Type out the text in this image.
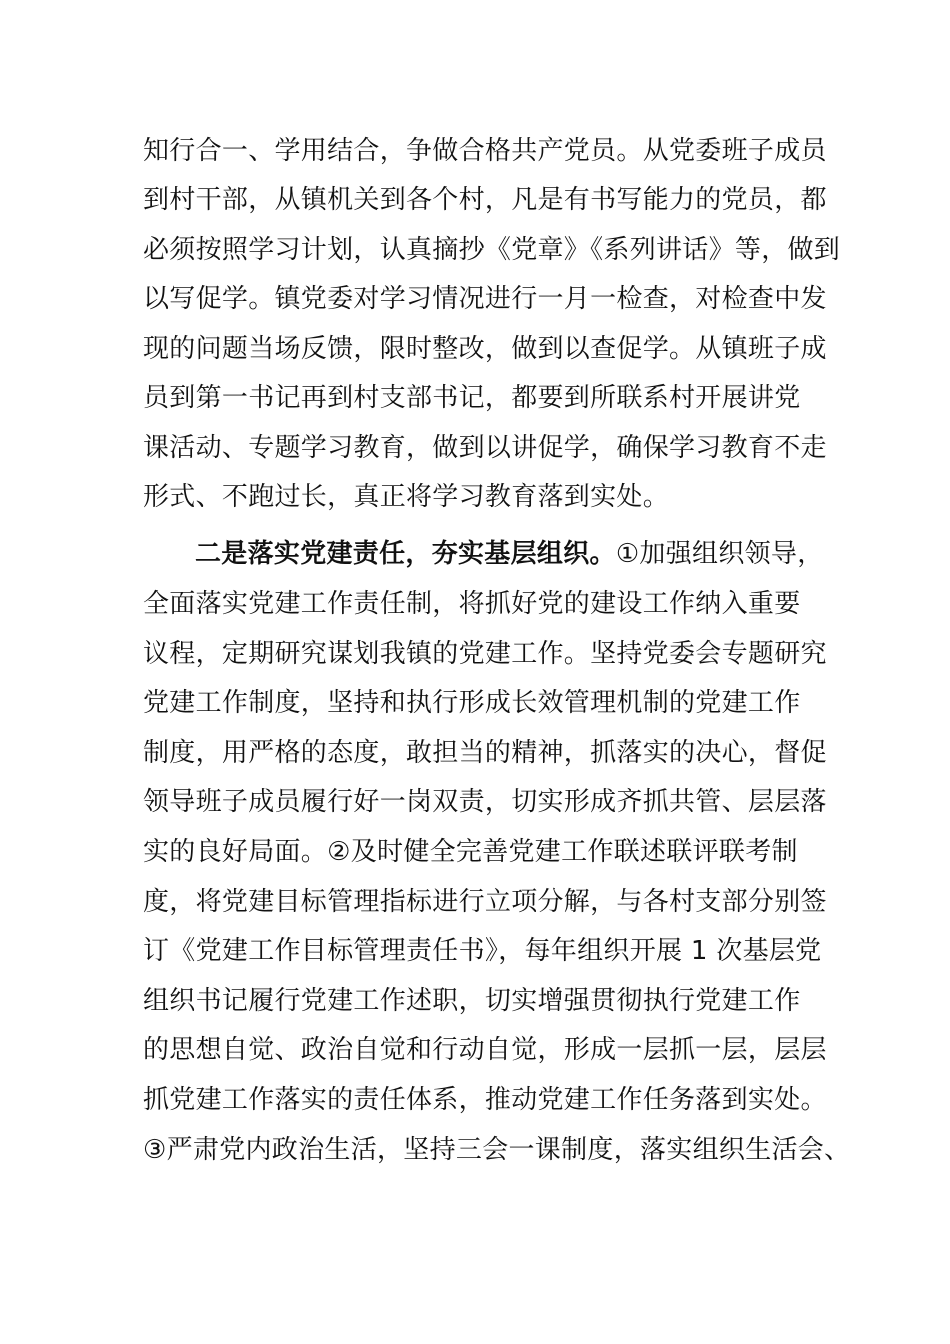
知行合一、学用结合，争做合格共产党员。从党委班子成员
到村干部，从镇机关到各个村，凡是有书写能力的党员，都
必须按照学习计划，认真摘抄《党章》《系列讲话》等，做到
以写促学。镇党委对学习情况进行一月一检查，对检查中发
现的问题当场反馈，限时整改，做到以查促学。从镇班子成
员到第一书记再到村支部书记，都要到所联系村开展讲党
课活动、专题学习教育，做到以讲促学，确保学习教育不走
形式、不跑过长，真正将学习教育落到实处。
二是落实党建责任，夯实基层组织。①加强组织领导，
全面落实党建工作责任制，将抓好党的建设工作纳入重要
议程，定期研究谋划我镇的党建工作。坚持党委会专题研究
党建工作制度，坚持和执行形成长效管理机制的党建工作
制度，用严格的态度，敢担当的精神，抓落实的决心，督促
领导班子成员履行好一岗双责，切实形成齐抓共管、层层落
实的良好局面。②及时健全完善党建工作联述联评联考制
度，将党建目标管理指标进行立项分解，与各村支部分别签
订《党建工作目标管理责任书》，每年组织开展 1 次基层党
组织书记履行党建工作述职，切实增强贯彻执行党建工作
的思想自觉、政治自觉和行动自觉，形成一层抓一层，层层
抓党建工作落实的责任体系，推动党建工作任务落到实处。
③严肃党内政治生活，坚持三会一课制度，落实组织生活会、
